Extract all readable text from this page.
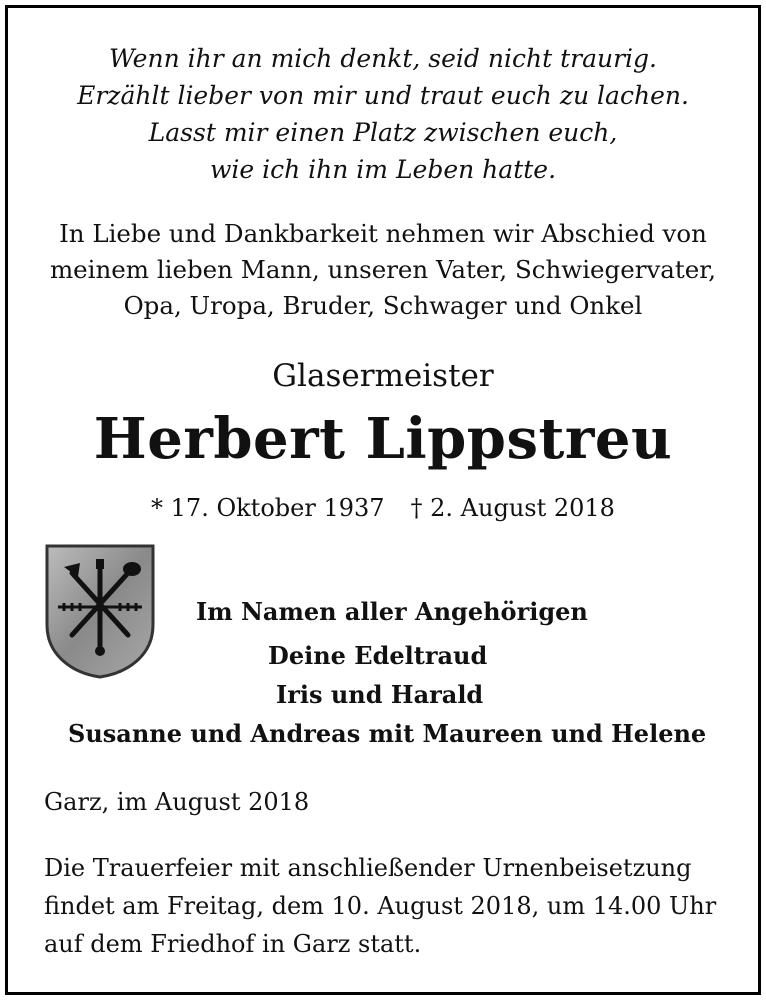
Wenn ihr an mich denkt, seid nicht traurig.
Erzählt lieber von mir und traut euch zu lachen.
Lasst mir einen Platz zwischen euch,
wie ich ihn im Leben hatte.
In Liebe und Dankbarkeit nehmen wir Abschied von
meinem lieben Mann, unseren Vater, Schwiegervater,
Opa, Uropa, Bruder, Schwager und Onkel
Glasermeister
Herbert Lippstreu
* 17. Oktober 1937 † 2. August 2018
Im Namen aller Angehörigen
Deine Edeltraud
Iris und Harald
Susanne und Andreas mit Maureen und Helene
Garz, im August 2018
Die Trauerfeier mit anschließender Urnenbeisetzung
findet am Freitag, dem 10. August 2018, um 14.00 Uhr
auf dem Friedhof in Garz statt.
